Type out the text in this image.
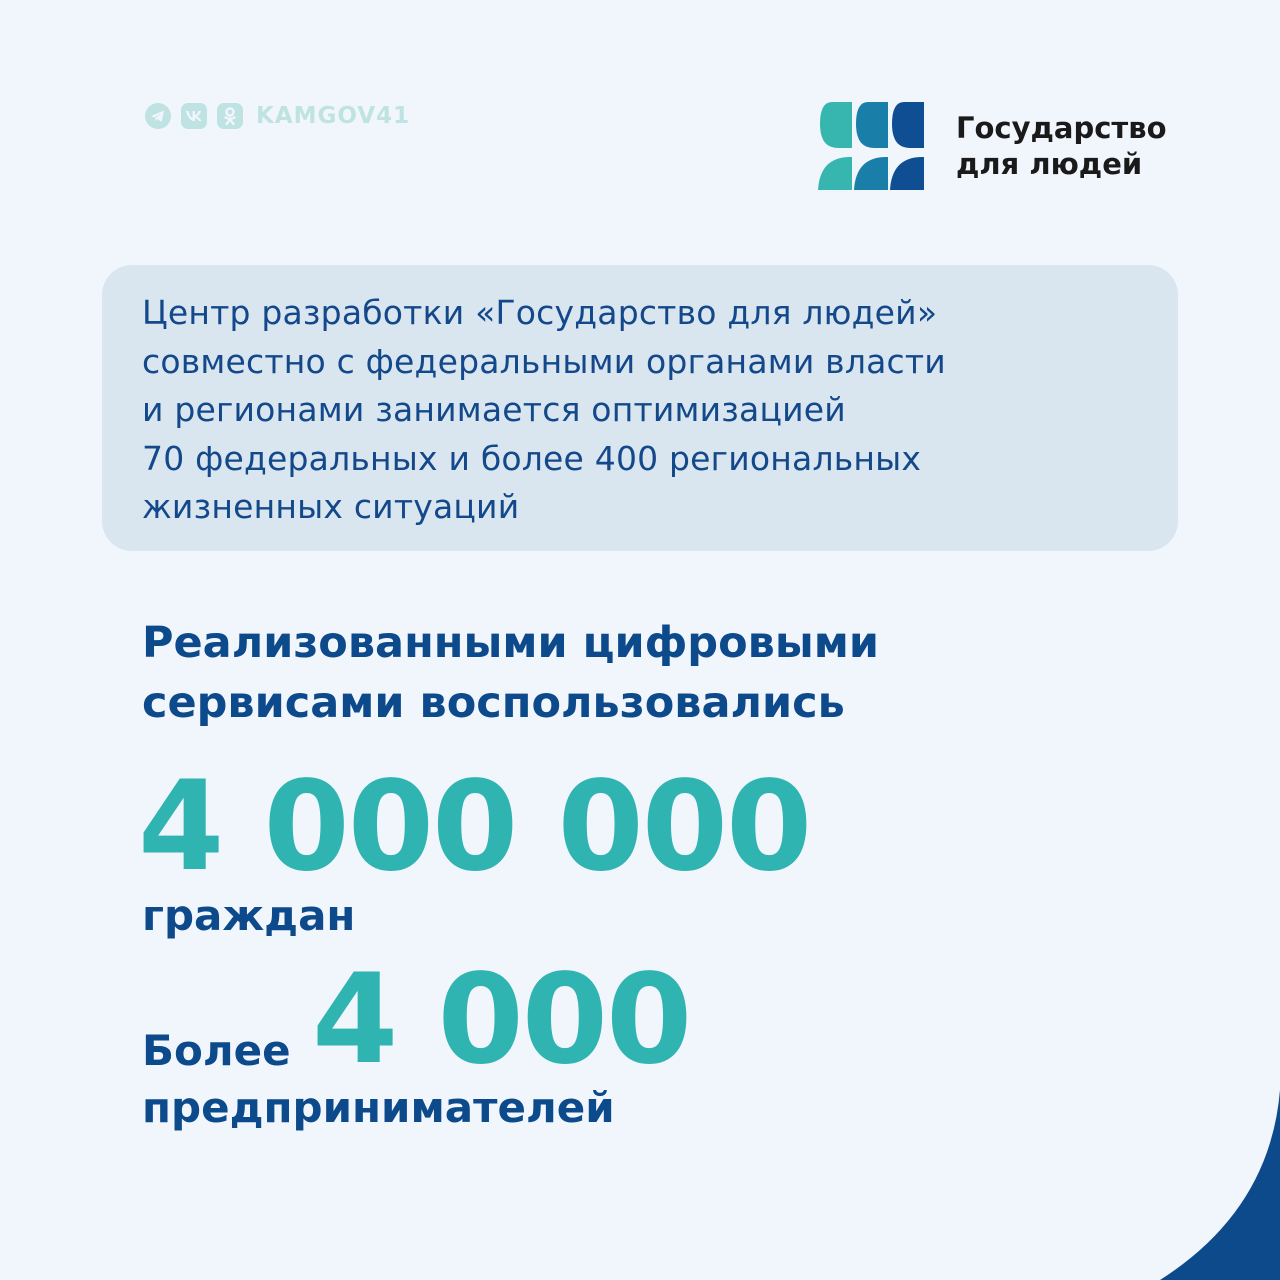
KAMGOV41	Государство
для людей
Центр разработки «Государство для людей»
совместно с федеральными органами власти
и регионами занимается оптимизацией
70 федеральных и более 400 региональных
жизненных ситуаций
Реализованными цифровыми
сервисами воспользовались
4 000 000
граждан
Более 4 000
предпринимателей
